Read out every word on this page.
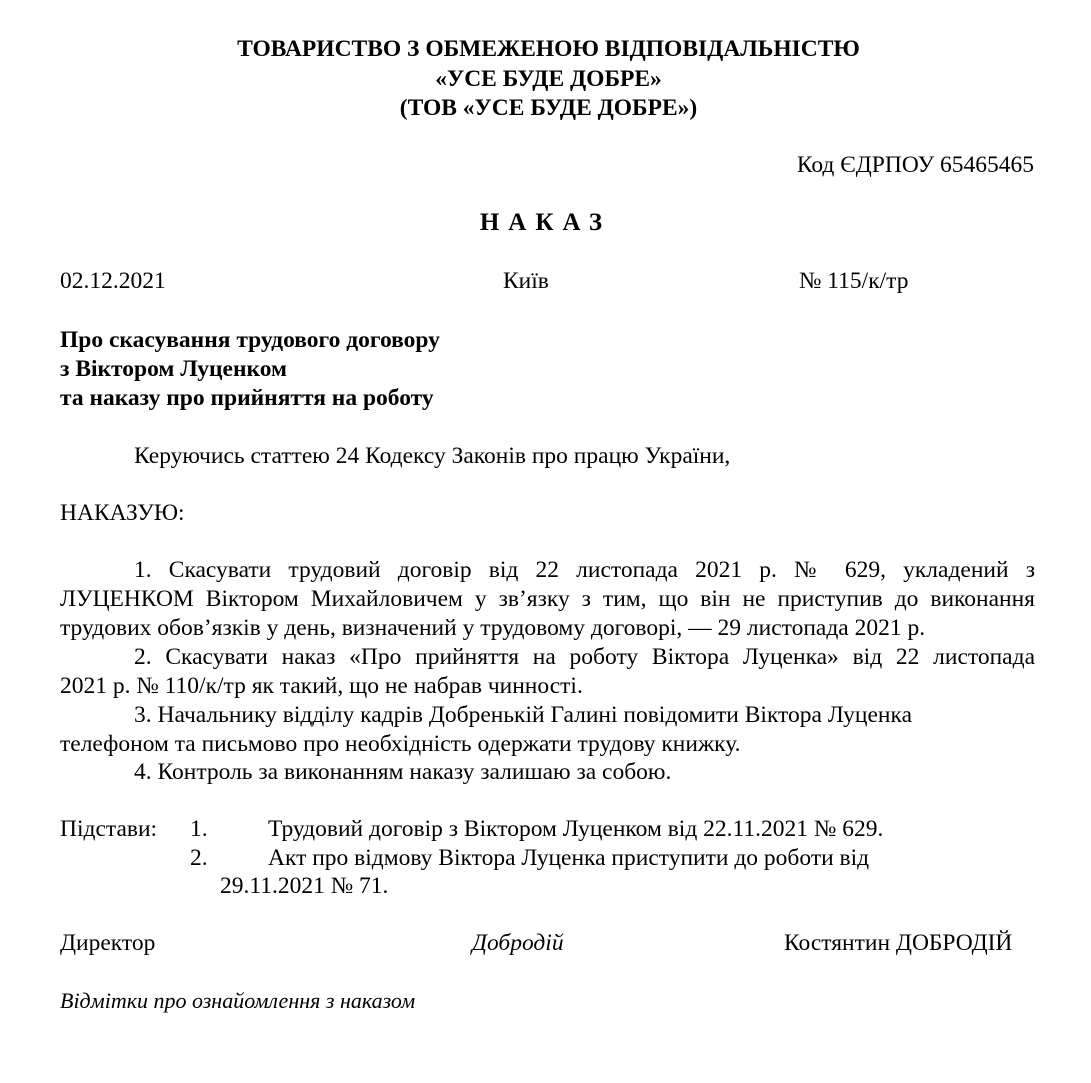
ТОВАРИСТВО З ОБМЕЖЕНОЮ ВІДПОВІДАЛЬНІСТЮ
«УСЕ БУДЕ ДОБРЕ»
(ТОВ «УСЕ БУДЕ ДОБРЕ»)
Код ЄДРПОУ 65465465
НАКАЗ
02.12.2021	Київ	№ 115/к/тр
Про скасування трудового договору
з Віктором Луценком
та наказу про прийняття на роботу
Керуючись статтею 24 Кодексу Законів про працю України,
НАКАЗУЮ:
1. Скасувати трудовий договір від 22 листопада 2021 р. № 629, укладений з
ЛУЦЕНКОМ Віктором Михайловичем у зв’язку з тим, що він не приступив до виконання
трудових обов’язків у день, визначений у трудовому договорі, — 29 листопада 2021 р.
2. Скасувати наказ «Про прийняття на роботу Віктора Луценка» від 22 листопада
2021 р. № 110/к/тр як такий, що не набрав чинності.
3. Начальнику відділу кадрів Добренькій Галині повідомити Віктора Луценка
телефоном та письмово про необхідність одержати трудову книжку.
4. Контроль за виконанням наказу залишаю за собою.
Підстави: 1.	Трудовий договір з Віктором Луценком від 22.11.2021 № 629.
2.	Акт про відмову Віктора Луценка приступити до роботи від
29.11.2021 № 71.
Директор	Добродій	Костянтин ДОБРОДІЙ
Відмітки про ознайомлення з наказом
